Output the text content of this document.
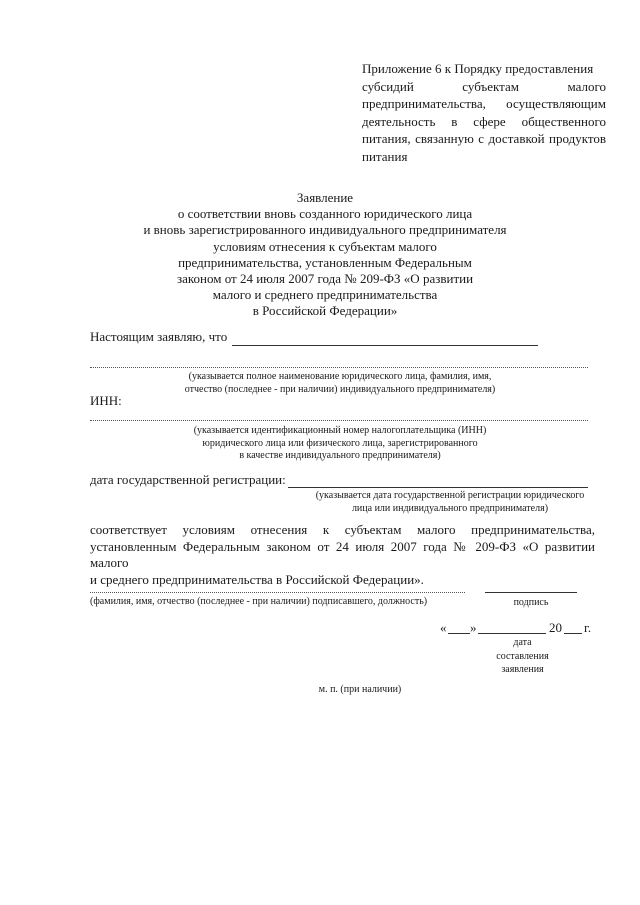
Приложение 6 к Порядку предоставления
субсидий субъектам малого
предпринимательства, осуществляющим
деятельность в сфере общественного
питания, связанную с доставкой продуктов
питания
Заявление
о соответствии вновь созданного юридического лица
и вновь зарегистрированного индивидуального предпринимателя
условиям отнесения к субъектам малого
предпринимательства, установленным Федеральным
законом от 24 июля 2007 года № 209-ФЗ «О развитии
малого и среднего предпринимательства
в Российской Федерации»
Настоящим заявляю, что
(указывается полное наименование юридического лица, фамилия, имя,
отчество (последнее - при наличии) индивидуального предпринимателя)
ИНН:
(указывается идентификационный номер налогоплательщика (ИНН)
юридического лица или физического лица, зарегистрированного
в качестве индивидуального предпринимателя)
дата государственной регистрации:
(указывается дата государственной регистрации юридического
лица или индивидуального предпринимателя)
соответствует условиям отнесения к субъектам малого предпринимательства,
установленным Федеральным законом от 24 июля 2007 года № 209-ФЗ «О развитии малого
и среднего предпринимательства в Российской Федерации».
(фамилия, имя, отчество (последнее - при наличии) подписавшего, должность)	подпись
« »	20 г.
дата
составления
заявления
м. п. (при наличии)
